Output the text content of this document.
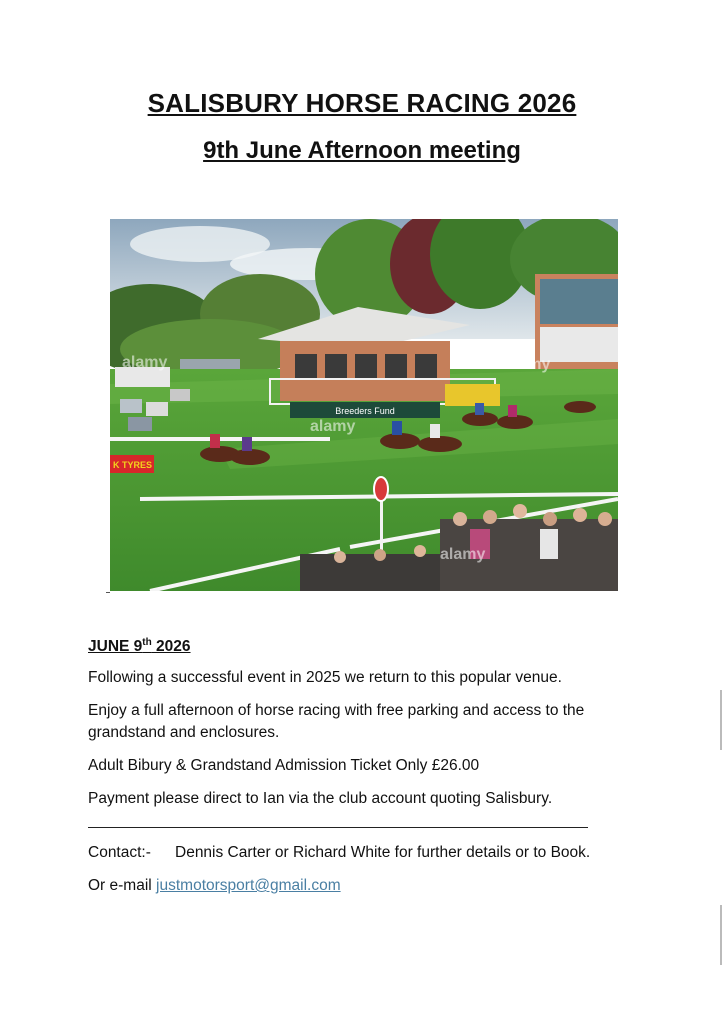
SALISBURY HORSE RACING 2026
9th June Afternoon meeting
Breeders Fund
K TYRES
alamy
alamy
alamy
alamy
JUNE 9th 2026

Following a successful event in 2025 we return to this popular venue.

Enjoy a full afternoon of horse racing with free parking and access to the grandstand and enclosures.

Adult Bibury & Grandstand Admission Ticket Only £26.00

Payment please direct to Ian via the club account quoting Salisbury.

Contact:- Dennis Carter or Richard White for further details or to Book.
Or e-mail justmotorsport@gmail.com
